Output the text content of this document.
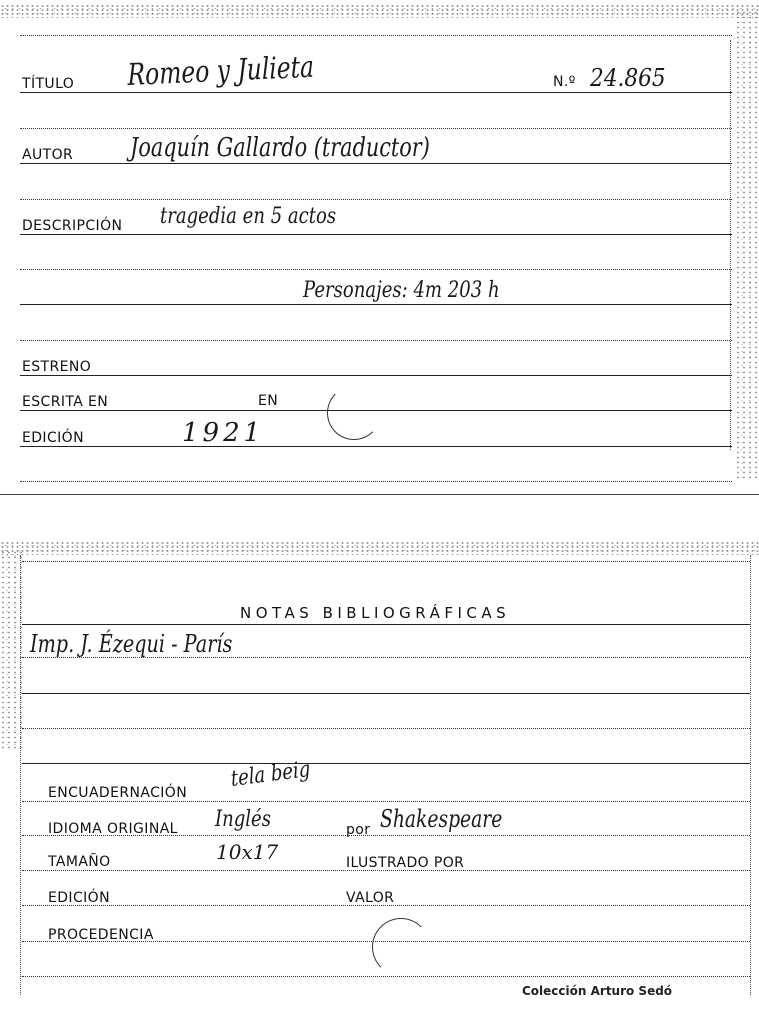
TÍTULO Romeo y Julieta	N.º 24.865
AUTOR Joaquín Gallardo (traductor)
DESCRIPCIÓN tragedia en 5 actos
Personajes: 4m 203 h
ESTRENO
ESCRITA EN	EN
EDICIÓN	1921
NOTAS BIBLIOGRÁFICAS
Imp. J. Ézequi - París
ENCUADERNACIÓN
tela beig
IDIOMA ORIGINAL Inglés	por Shakespeare
TAMAÑO	10x17	ILUSTRADO POR
EDICIÓN	VALOR
PROCEDENCIA
Colección Arturo Sedó
